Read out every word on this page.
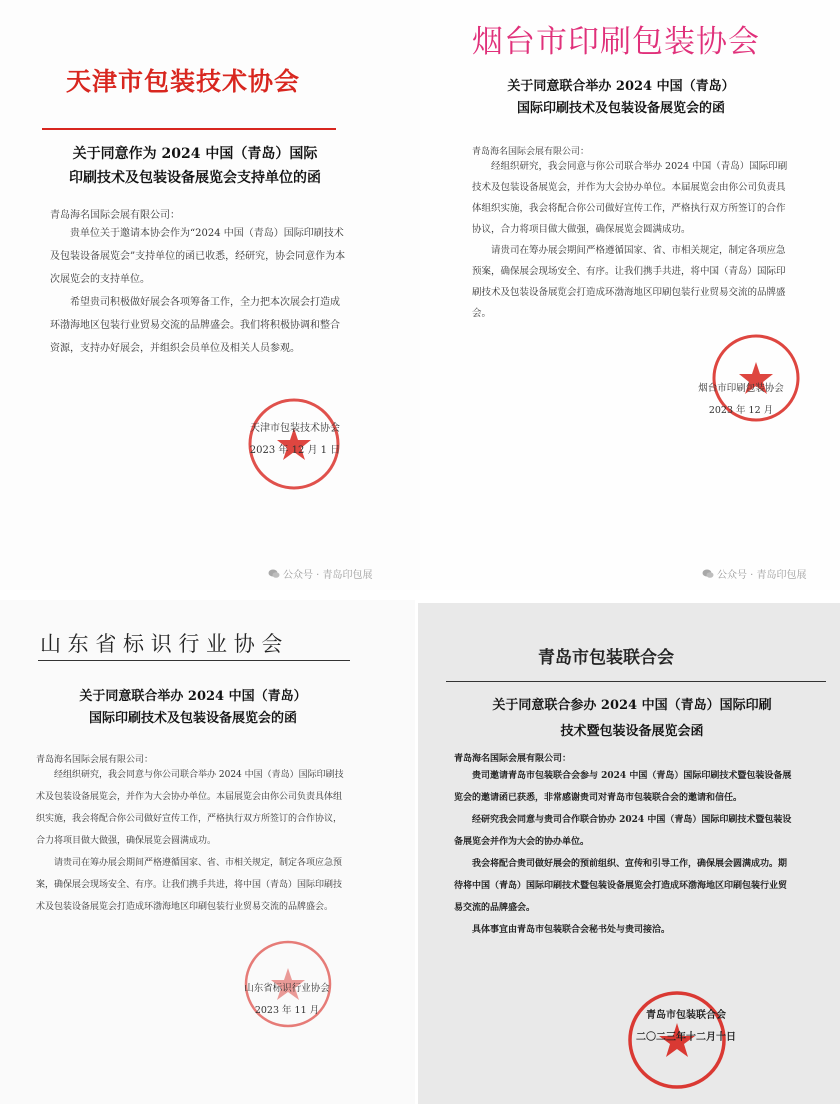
天津市包装技术协会
关于同意作为 2024 中国（青岛）国际
印刷技术及包装设备展览会支持单位的函
青岛海名国际会展有限公司：

贵单位关于邀请本协会作为“2024 中国（青岛）国际印刷技术及包装设备展览会”支持单位的函已收悉，经研究，协会同意作为本次展览会的支持单位。

希望贵司积极做好展会各项筹备工作，全力把本次展会打造成环渤海地区包装行业贸易交流的品牌盛会。我们将积极协调和整合资源，支持办好展会，并组织会员单位及相关人员参观。

天津市包装技术协会
2023 年 12 月 1 日
公众号 · 青岛印包展
烟台市印刷包装协会
关于同意联合举办 2024 中国（青岛）
国际印刷技术及包装设备展览会的函
青岛海名国际会展有限公司：

经组织研究，我会同意与你公司联合举办 2024 中国（青岛）国际印刷技术及包装设备展览会，并作为大会协办单位。本届展览会由你公司负责具体组织实施，我会将配合你公司做好宣传工作，严格执行双方所签订的合作协议，合力将项目做大做强，确保展览会圆满成功。

请贵司在筹办展会期间严格遵循国家、省、市相关规定，制定各项应急预案，确保展会现场安全、有序。让我们携手共进，将中国（青岛）国际印刷技术及包装设备展览会打造成环渤海地区印刷包装行业贸易交流的品牌盛会。

烟台市印刷包装协会
2023 年 12 月
公众号 · 青岛印包展
山 东 省 标 识 行 业 协 会
关于同意联合举办 2024 中国（青岛）
国际印刷技术及包装设备展览会的函
青岛海名国际会展有限公司：

经组织研究，我会同意与你公司联合举办 2024 中国（青岛）国际印刷技术及包装设备展览会，并作为大会协办单位。本届展览会由你公司负责具体组织实施，我会将配合你公司做好宣传工作，严格执行双方所签订的合作协议，合力将项目做大做强，确保展览会圆满成功。

请贵司在筹办展会期间严格遵循国家、省、市相关规定，制定各项应急预案，确保展会现场安全、有序。让我们携手共进，将中国（青岛）国际印刷技术及包装设备展览会打造成环渤海地区印刷包装行业贸易交流的品牌盛会。

山东省标识行业协会
2023 年 11 月
青岛市包装联合会
关于同意联合参办 2024 中国（青岛）国际印刷
技术暨包装设备展览会函
青岛海名国际会展有限公司：

贵司邀请青岛市包装联合会参与 2024 中国（青岛）国际印刷技术暨包装设备展览会的邀请函已获悉，非常感谢贵司对青岛市包装联合会的邀请和信任。

经研究我会同意与贵司合作联合协办 2024 中国（青岛）国际印刷技术暨包装设备展览会并作为大会的协办单位。

我会将配合贵司做好展会的预前组织、宣传和引导工作，确保展会圆满成功。期待将中国（青岛）国际印刷技术暨包装设备展览会打造成环渤海地区印刷包装行业贸易交流的品牌盛会。

具体事宜由青岛市包装联合会秘书处与贵司接洽。

青岛市包装联合会
二〇二三年十二月十日
